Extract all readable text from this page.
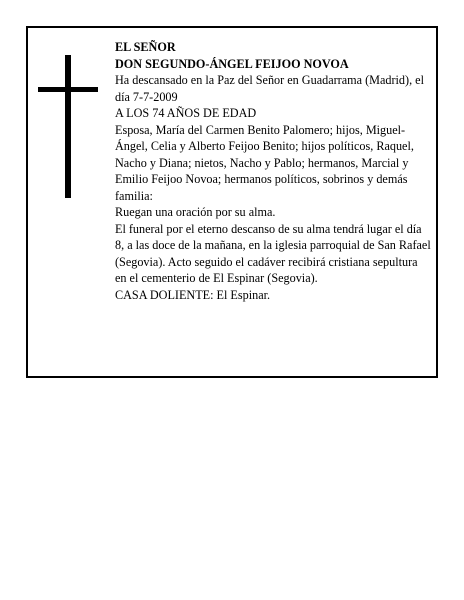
EL SEÑOR

DON SEGUNDO-ÁNGEL FEIJOO NOVOA

Ha descansado en la Paz del Señor en Guadarrama (Madrid), el día 7-7-2009

A LOS 74 AÑOS DE EDAD

Esposa, María del Carmen Benito Palomero; hijos, Miguel-Ángel, Celia y Alberto Feijoo Benito; hijos políticos, Raquel, Nacho y Diana; nietos, Nacho y Pablo; hermanos, Marcial y Emilio Feijoo Novoa; hermanos políticos, sobrinos y demás familia:

Ruegan una oración por su alma.

El funeral por el eterno descanso de su alma tendrá lugar el día 8, a las doce de la mañana, en la iglesia parroquial de San Rafael (Segovia). Acto seguido el cadáver recibirá cristiana sepultura en el cementerio de El Espinar (Segovia).

CASA DOLIENTE: El Espinar.
